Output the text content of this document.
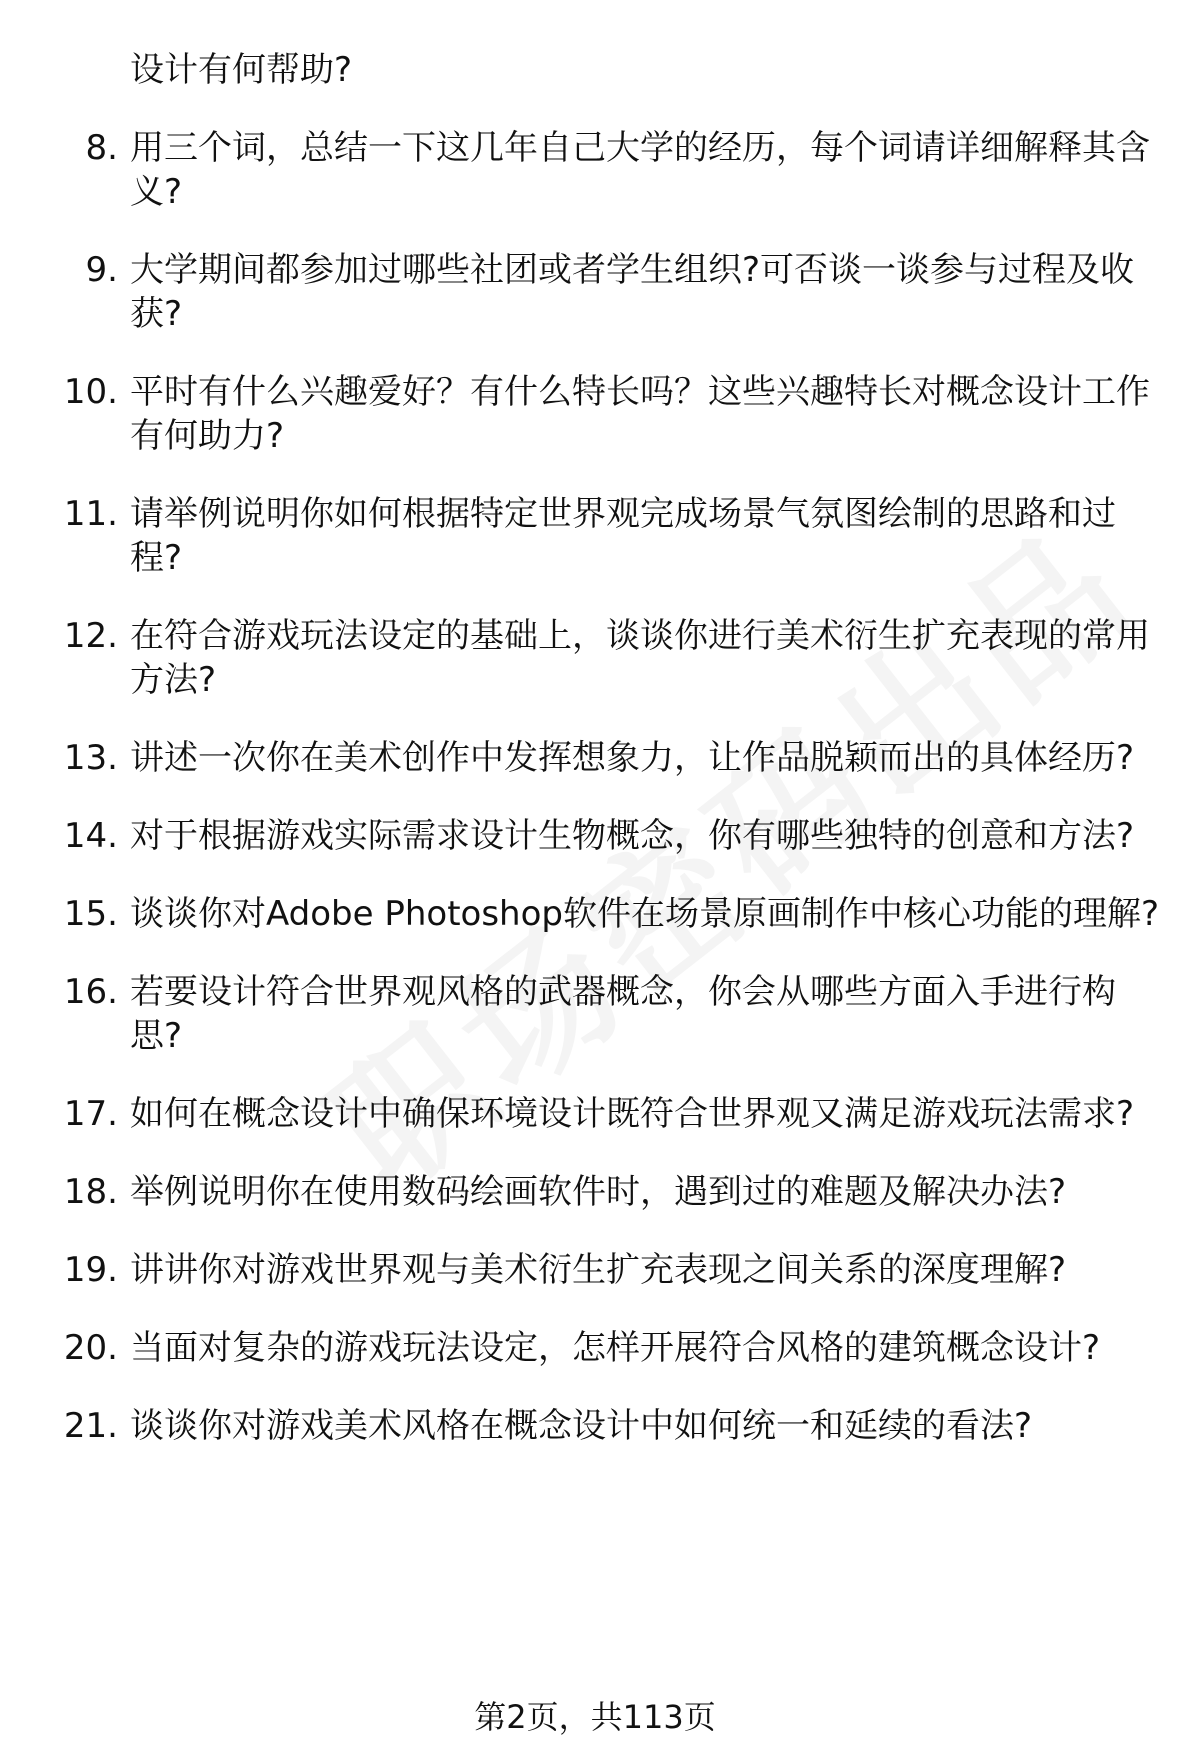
设计有何帮助?
8. 用三个词，总结一下这几年自己大学的经历，每个词请详细解释其含义?
9. 大学期间都参加过哪些社团或者学生组织?可否谈一谈参与过程及收获?
10. 平时有什么兴趣爱好？有什么特长吗？这些兴趣特长对概念设计工作有何助力?
11. 请举例说明你如何根据特定世界观完成场景气氛图绘制的思路和过程?
12. 在符合游戏玩法设定的基础上，谈谈你进行美术衍生扩充表现的常用方法?
13. 讲述一次你在美术创作中发挥想象力，让作品脱颖而出的具体经历?
14. 对于根据游戏实际需求设计生物概念，你有哪些独特的创意和方法?
15. 谈谈你对Adobe Photoshop软件在场景原画制作中核心功能的理解?
16. 若要设计符合世界观风格的武器概念，你会从哪些方面入手进行构思?
17. 如何在概念设计中确保环境设计既符合世界观又满足游戏玩法需求?
18. 举例说明你在使用数码绘画软件时，遇到过的难题及解决办法?
19. 讲讲你对游戏世界观与美术衍生扩充表现之间关系的深度理解?
20. 当面对复杂的游戏玩法设定，怎样开展符合风格的建筑概念设计?
21. 谈谈你对游戏美术风格在概念设计中如何统一和延续的看法?
第2页，共113页
